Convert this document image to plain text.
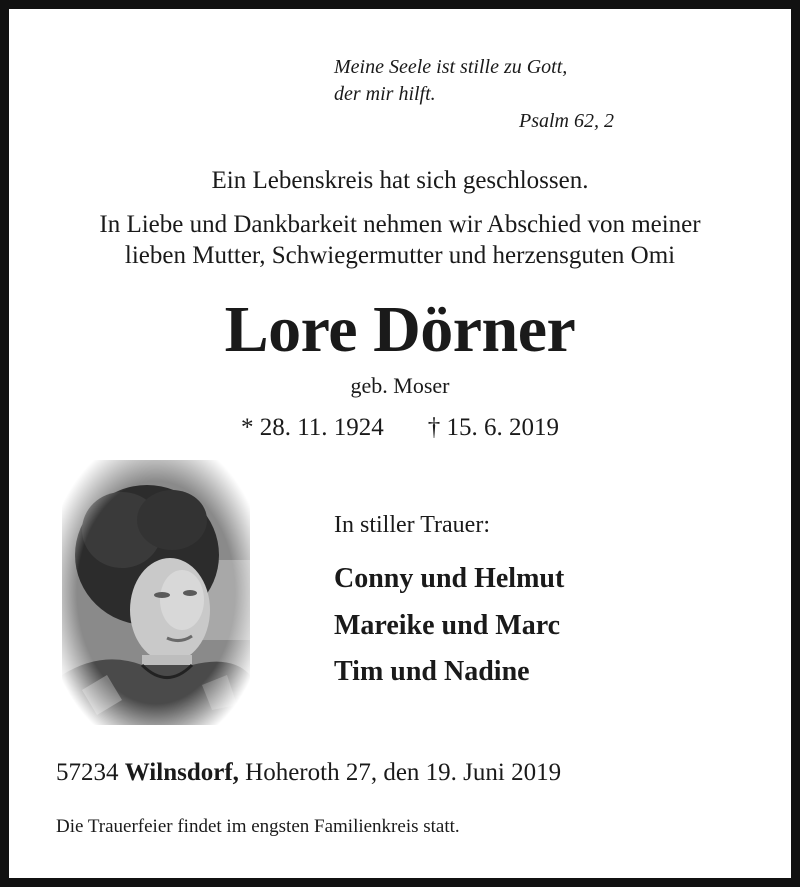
Meine Seele ist stille zu Gott,
der mir hilft.
Psalm 62, 2
Ein Lebenskreis hat sich geschlossen.
In Liebe und Dankbarkeit nehmen wir Abschied von meiner
lieben Mutter, Schwiegermutter und herzensguten Omi
Lore Dörner
geb. Moser
* 28. 11. 1924 † 15. 6. 2019
In stiller Trauer:
Conny und Helmut
Mareike und Marc
Tim und Nadine
57234 Wilnsdorf, Hoheroth 27, den 19. Juni 2019
Die Trauerfeier findet im engsten Familienkreis statt.
